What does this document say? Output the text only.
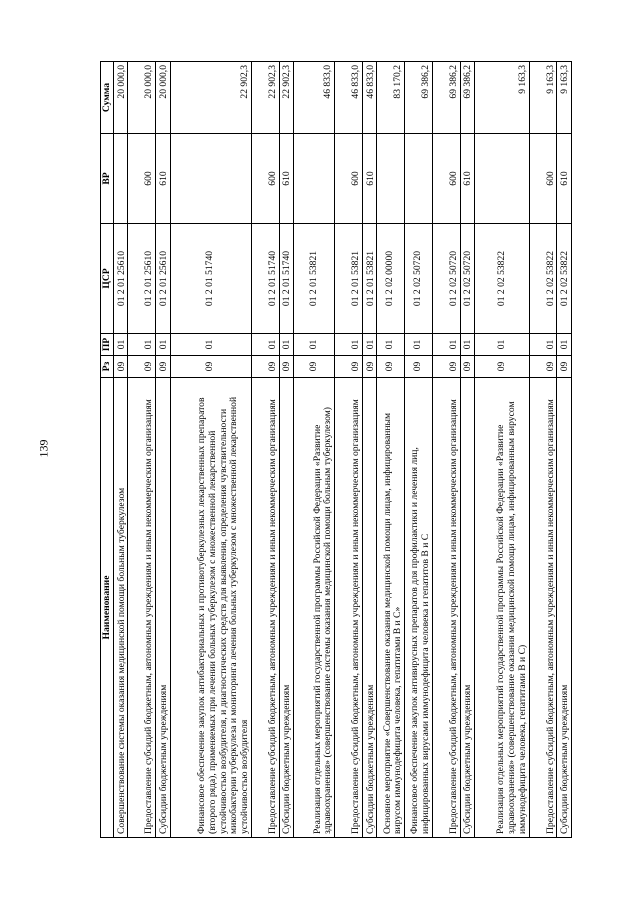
139
Наименование	Рз	ПР	ЦСР	ВР	Сумма
Совершенствование системы оказания медицинской помощи больным туберкулезом	09	01	01 2 01 25610		20 000,0
Предоставление субсидий бюджетным, автономным учреждениям и иным некоммерческим организациям	09	01	01 2 01 25610	600	20 000,0
Субсидии бюджетным учреждениям	09	01	01 2 01 25610	610	20 000,0
Финансовое обеспечение закупок антибактериальных и противотуберкулезных лекарственных препаратов (второго ряда), применяемых при лечении больных туберкулезом с множественной лекарственной устойчивостью возбудителя, и диагностических средств для выявления, определения чувствительности микобактерии туберкулеза и мониторинга лечения больных туберкулезом с множественной лекарственной устойчивостью возбудителя	09	01	01 2 01 51740		22 902,3
Предоставление субсидий бюджетным, автономным учреждениям и иным некоммерческим организациям	09	01	01 2 01 51740	600	22 902,3
Субсидии бюджетным учреждениям	09	01	01 2 01 51740	610	22 902,3
Реализация отдельных мероприятий государственной программы Российской Федерации «Развитие здравоохранения» (совершенствование системы оказания медицинской помощи больным туберкулезом)	09	01	01 2 01 53821		46 833,0
Предоставление субсидий бюджетным, автономным учреждениям и иным некоммерческим организациям	09	01	01 2 01 53821	600	46 833,0
Субсидии бюджетным учреждениям	09	01	01 2 01 53821	610	46 833,0
Основное мероприятие «Совершенствование оказания медицинской помощи лицам, инфицированным вирусом иммунодефицита человека, гепатитами B и C»	09	01	01 2 02 00000		83 170,2
Финансовое обеспечение закупок антивирусных препаратов для профилактики и лечения лиц, инфицированных вирусами иммунодефицита человека и гепатитов B и C	09	01	01 2 02 50720		69 386,2
Предоставление субсидий бюджетным, автономным учреждениям и иным некоммерческим организациям	09	01	01 2 02 50720	600	69 386,2
Субсидии бюджетным учреждениям	09	01	01 2 02 50720	610	69 386,2
Реализация отдельных мероприятий государственной программы Российской Федерации «Развитие здравоохранения» (совершенствование оказания медицинской помощи лицам, инфицированным вирусом иммунодефицита человека, гепатитами B и C)	09	01	01 2 02 53822		9 163,3
Предоставление субсидий бюджетным, автономным учреждениям и иным некоммерческим организациям	09	01	01 2 02 53822	600	9 163,3
Субсидии бюджетным учреждениям	09	01	01 2 02 53822	610	9 163,3
